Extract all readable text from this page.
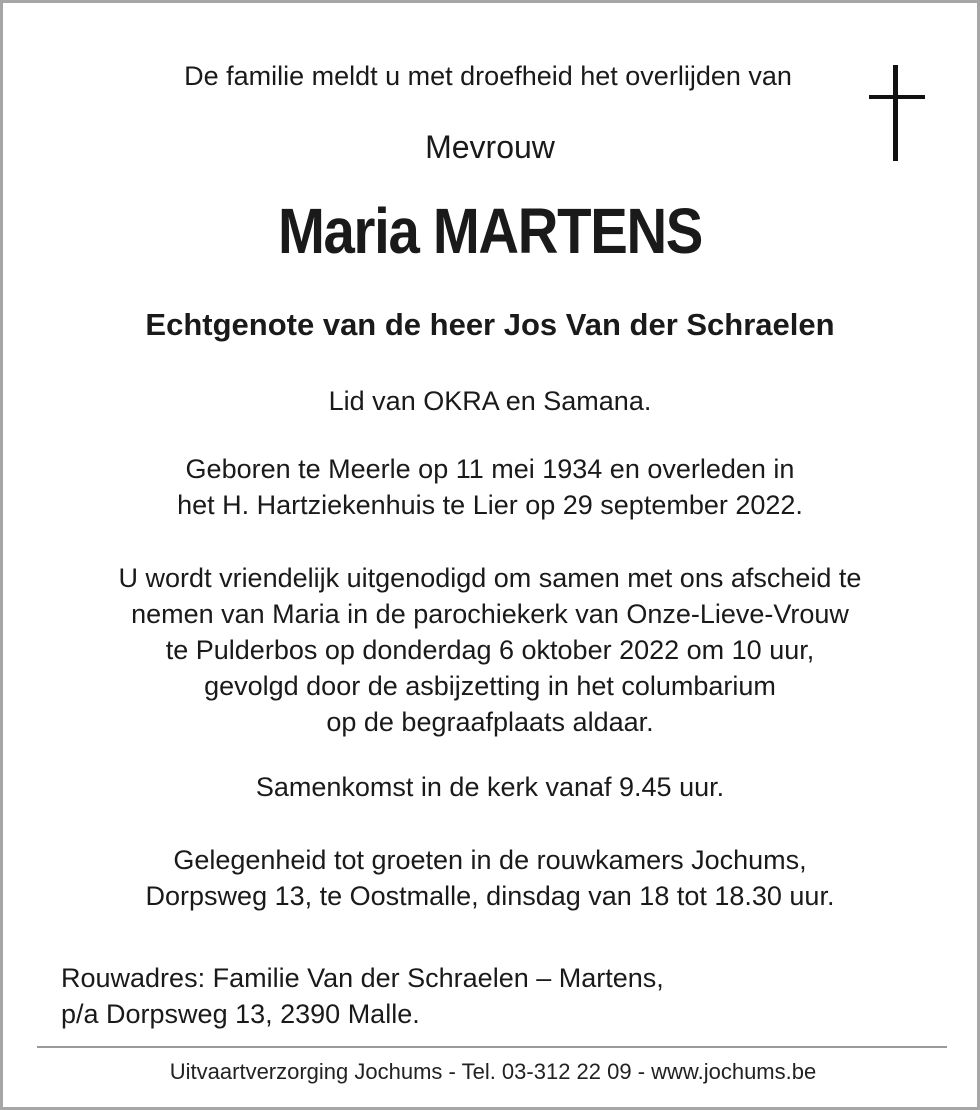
De familie meldt u met droefheid het overlijden van
Mevrouw
Maria MARTENS
Echtgenote van de heer Jos Van der Schraelen
Lid van OKRA en Samana.
Geboren te Meerle op 11 mei 1934 en overleden in
het H. Hartziekenhuis te Lier op 29 september 2022.
U wordt vriendelijk uitgenodigd om samen met ons afscheid te
nemen van Maria in de parochiekerk van Onze-Lieve-Vrouw
te Pulderbos op donderdag 6 oktober 2022 om 10 uur,
gevolgd door de asbijzetting in het columbarium
op de begraafplaats aldaar.
Samenkomst in de kerk vanaf 9.45 uur.
Gelegenheid tot groeten in de rouwkamers Jochums,
Dorpsweg 13, te Oostmalle, dinsdag van 18 tot 18.30 uur.
Rouwadres: Familie Van der Schraelen – Martens,
p/a Dorpsweg 13, 2390 Malle.
Uitvaartverzorging Jochums - Tel. 03-312 22 09 - www.jochums.be
